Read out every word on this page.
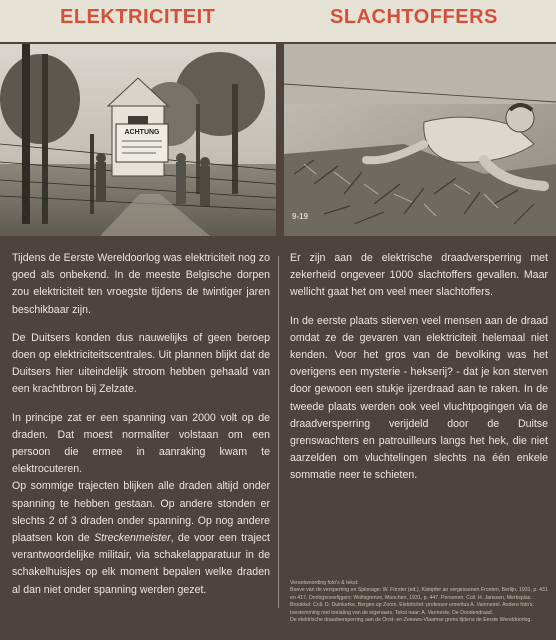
ELEKTRICITEIT	SLACHTOFFERS
ACHTUNG
9-19

Tijdens de Eerste Wereldoorlog was elektriciteit nog zo goed als onbekend. In de meeste Belgische dorpen zou elektriciteit ten vroegste tijdens de twintiger jaren beschikbaar zijn.

De Duitsers konden dus nauwelijks of geen beroep doen op elektriciteitscentrales. Uit plannen blijkt dat de Duitsers hier uiteindelijk stroom hebben gehaald van een krachtbron bij Zelzate.

In principe zat er een spanning van 2000 volt op de draden. Dat moest normaliter volstaan om een persoon die ermee in aanraking kwam te elektrocuteren.

Op sommige trajecten blijken alle draden altijd onder spanning te hebben gestaan. Op andere stonden er slechts 2 of 3 draden onder spanning. Op nog andere plaatsen kon de Streckenmeister, de voor een traject verantwoordelijke militair, via schakelapparatuur in de schakelhuisjes op elk moment bepalen welke draden al dan niet onder spanning werden gezet.

Er zijn aan de elektrische draadversperring met zekerheid ongeveer 1000 slachtoffers gevallen. Maar wellicht gaat het om veel meer slachtoffers.

In de eerste plaats stierven veel mensen aan de draad omdat ze de gevaren van elektriciteit helemaal niet kenden. Voor het gros van de bevolking was het overigens een mysterie - hekserij? - dat je kon sterven door gewoon een stukje ijzerdraad aan te raken. In de tweede plaats werden ook veel vluchtpogingen via de draadversperring verijdeld door de Duitse grenswachters en patrouilleurs langs het hek, die niet aarzelden om vluchtelingen slechts na één enkele sommatie neer te schieten.

Verantwoording foto's & tekst:

Boeve van de versperring en Spionage: W. Förster (ed.), Kämpfer an vergessenen Fronten, Berlijn, 1931, p. 431 en 417. Oorlogsoverlijgers: Wolfsgrenze, Munchen, 1931, p. 447. Personen: Coll. H. Janssen, Merksplas. Brookkel: Coll. D. Duinkerke, Bergen op Zoom. Elektricitet: professor emeritus A. Vanmeirel. Andere foto's: toestemming met toelating van de eigenaars. Tekst naar: A. Vanneste, De Doodendraad.

De elektrische draadversperring aan de Oost- en Zeeuws-Vlaamse grens tijdens de Eerste Wereldoorlog.
